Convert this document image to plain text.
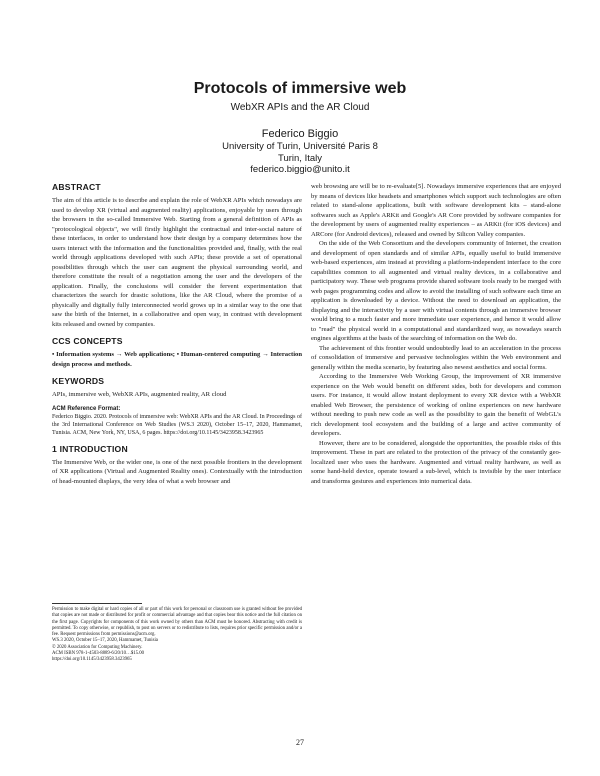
Protocols of immersive web
WebXR APIs and the AR Cloud
Federico Biggio
University of Turin, Université Paris 8
Turin, Italy
federico.biggio@unito.it
ABSTRACT

The aim of this article is to describe and explain the role of WebXR APIs which nowadays are used to develop XR (virtual and augmented reality) applications, enjoyable by users through the browsers in the so-called Immersive Web. Starting from a general definition of APIs as "protocological objects", we will firstly highlight the contractual and inter-social nature of these interfaces, in order to understand how their design by a company determines how the users interact with the information and the functionalities provided and, finally, with the real world through applications developed with such APIs; these provide a set of operational possibilities through which the user can augment the physical surrounding world, and therefore constitute the result of a negotiation among the user and the developers of the application. Finally, the conclusions will consider the fervent experimentation that characterizes the search for drastic solutions, like the AR Cloud, where the promise of a physically and digitally fully interconnected world grows up in a similar way to the one that saw the birth of the Internet, in a collaborative and open way, in contrast with development kits released and owned by companies.

CCS CONCEPTS

• Information systems → Web applications; • Human-centered computing → Interaction design process and methods.

KEYWORDS

APIs, immersive web, WebXR APIs, augmented reality, AR cloud

ACM Reference Format:

Federico Biggio. 2020. Protocols of immersive web: WebXR APIs and the AR Cloud. In Proceedings of the 3rd International Conference on Web Studies (WS.3 2020), October 15–17, 2020, Hammamet, Tunisia. ACM, New York, NY, USA, 6 pages. https://doi.org/10.1145/3423958.3423965

1 INTRODUCTION

The Immersive Web, or the wider one, is one of the next possible frontiers in the development of XR applications (Virtual and Augmented Reality ones). Contextually with the introduction of head-mounted displays, the very idea of what a web browser and

Permission to make digital or hard copies of all or part of this work for personal or classroom use is granted without fee provided that copies are not made or distributed for profit or commercial advantage and that copies bear this notice and the full citation on the first page. Copyrights for components of this work owned by others than ACM must be honored. Abstracting with credit is permitted. To copy otherwise, or republish, to post on servers or to redistribute to lists, requires prior specific permission and/or a fee. Request permissions from permissions@acm.org.

WS.3 2020, October 15–17, 2020, Hammamet, Tunisia

© 2020 Association for Computing Machinery.

ACM ISBN 978-1-4503-8889-6/20/10…$15.00

https://doi.org/10.1145/3423958.3423965

web browsing are will be to re-evaluate[5]. Nowadays immersive experiences that are enjoyed by means of devices like headsets and smartphones which support such technologies are often related to stand-alone applications, built with software development kits – stand-alone softwares such as Apple's ARKit and Google's AR Core provided by software companies for the development by users of augmented reality experiences – as ARKit (for iOS devices) and ARCore (for Android devices), released and owned by Silicon Valley companies.

On the side of the Web Consortium and the developers community of Internet, the creation and development of open standards and of similar APIs, equally useful to build immersive web-based experiences, aim instead at providing a platform-independent interface to the core capabilities common to all augmented and virtual reality devices, in a collaborative and participatory way. These web programs provide shared software tools ready to be merged with web pages programming codes and allow to avoid the installing of such software each time an application is downloaded by a device. Without the need to download an application, the displaying and the interactivity by a user with virtual contents through an immersive browser would bring to a much faster and more immediate user experience, and hence it would allow to "read" the physical world in a computational and standardized way, as nowadays search engines algorithms at the basis of the searching of information on the Web do.

The achievement of this frontier would undoubtedly lead to an acceleration in the process of consolidation of immersive and pervasive technologies within the Web environment and generally within the media scenario, by featuring also newest aesthetics and social forms.

According to the Immersive Web Working Group, the improvement of XR immersive experience on the Web would benefit on different sides, both for developers and common users. For instance, it would allow instant deployment to every XR device with a WebXR enabled Web Browser, the persistence of working of online experiences on new hardware without needing to push new code as well as the possibility to gain the benefit of WebGL's rich development tool ecosystem and the building of a large and active community of developers.

However, there are to be considered, alongside the opportunities, the possible risks of this improvement. These in part are related to the protection of the privacy of the constantly geo-localized user who uses the hardware. Augmented and virtual reality hardware, as well as some hand-held device, operate toward a sub-level, which is invisible by the user interface and transforms gestures and experiences into numerical data.

27
